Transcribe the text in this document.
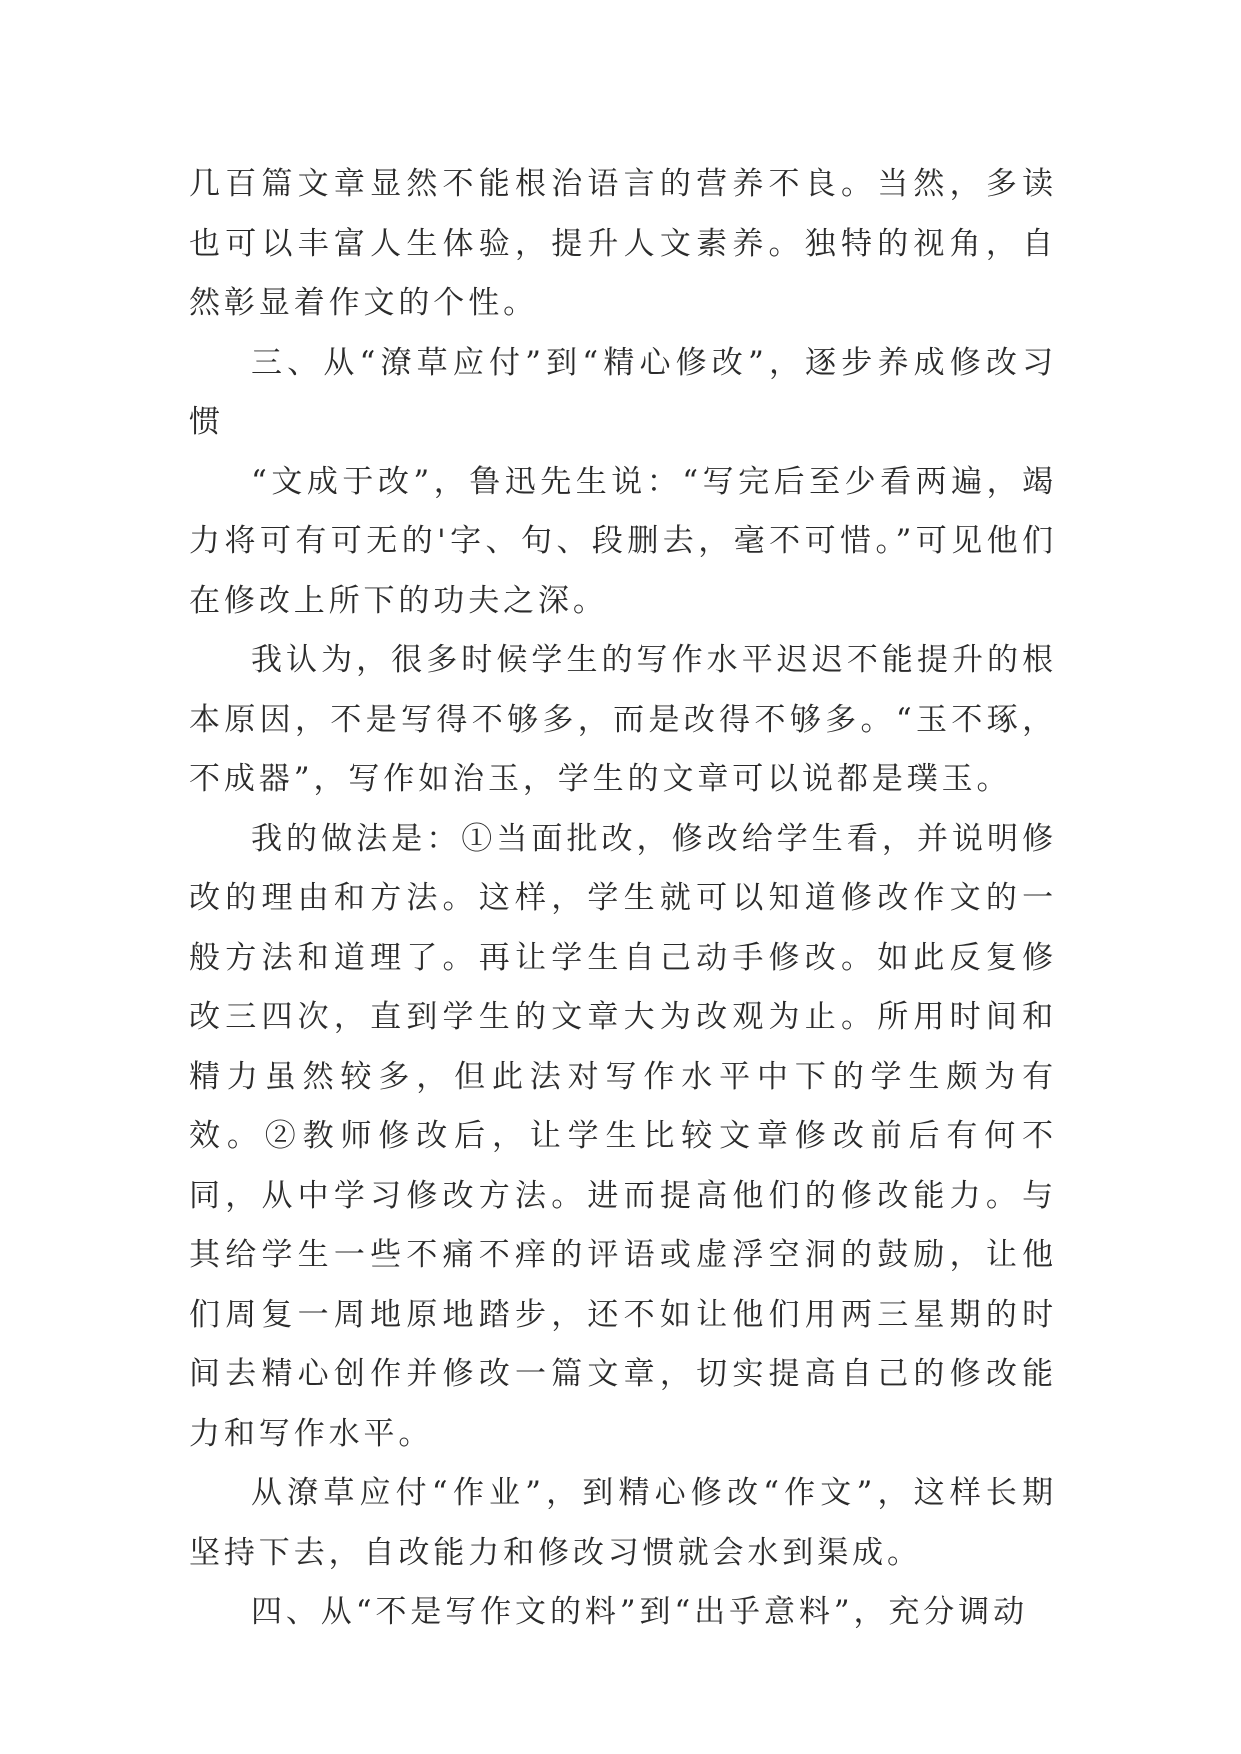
几百篇文章显然不能根治语言的营养不良。当然，多读也可以丰富人生体验，提升人文素养。独特的视角，自然彰显着作文的个性。

三、从“潦草应付”到“精心修改”，逐步养成修改习惯

“文成于改”，鲁迅先生说：“写完后至少看两遍，竭力将可有可无的'字、句、段删去，毫不可惜。”可见他们在修改上所下的功夫之深。

我认为，很多时候学生的写作水平迟迟不能提升的根本原因，不是写得不够多，而是改得不够多。“玉不琢，不成器”，写作如治玉，学生的文章可以说都是璞玉。

我的做法是：①当面批改，修改给学生看，并说明修改的理由和方法。这样，学生就可以知道修改作文的一般方法和道理了。再让学生自己动手修改。如此反复修改三四次，直到学生的文章大为改观为止。所用时间和精力虽然较多，但此法对写作水平中下的学生颇为有效。②教师修改后，让学生比较文章修改前后有何不同，从中学习修改方法。进而提高他们的修改能力。与其给学生一些不痛不痒的评语或虚浮空洞的鼓励，让他们周复一周地原地踏步，还不如让他们用两三星期的时间去精心创作并修改一篇文章，切实提高自己的修改能力和写作水平。

从潦草应付“作业”，到精心修改“作文”，这样长期坚持下去，自改能力和修改习惯就会水到渠成。

四、从“不是写作文的料”到“出乎意料”，充分调动
